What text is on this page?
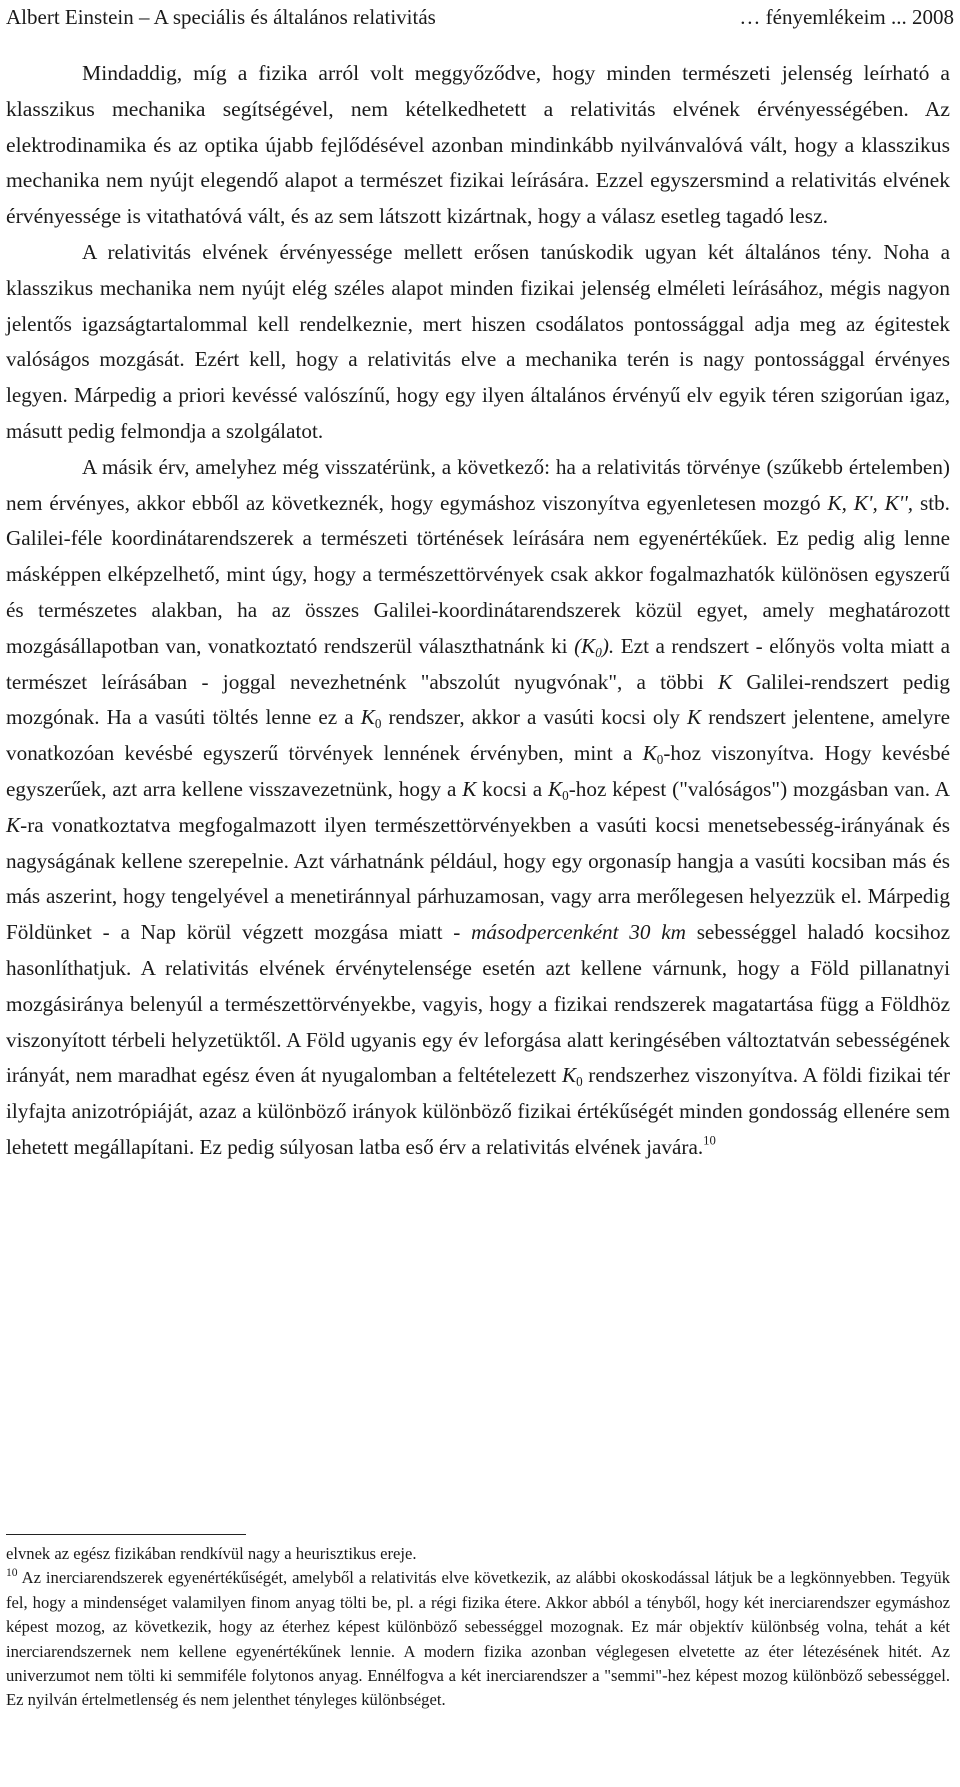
Albert Einstein – A speciális és általános relativitás	… fényemlékeim ... 2008

Mindaddig, míg a fizika arról volt meggyőződve, hogy minden természeti jelenség leírható a klasszikus mechanika segítségével, nem kételkedhetett a relativitás elvének érvényességében. Az elektrodinamika és az optika újabb fejlődésével azonban mindinkább nyilvánvalóvá vált, hogy a klasszikus mechanika nem nyújt elegendő alapot a természet fizikai leírására. Ezzel egyszersmind a relativitás elvének érvényessége is vitathatóvá vált, és az sem látszott kizártnak, hogy a válasz esetleg tagadó lesz.

A relativitás elvének érvényessége mellett erősen tanúskodik ugyan két általános tény. Noha a klasszikus mechanika nem nyújt elég széles alapot minden fizikai jelenség elméleti leírásához, mégis nagyon jelentős igazságtartalommal kell rendelkeznie, mert hiszen csodálatos pontossággal adja meg az égitestek valóságos mozgását. Ezért kell, hogy a relativitás elve a mechanika terén is nagy pontossággal érvényes legyen. Márpedig a priori kevéssé valószínű, hogy egy ilyen általános érvényű elv egyik téren szigorúan igaz, másutt pedig felmondja a szolgálatot.

A másik érv, amelyhez még visszatérünk, a következő: ha a relativitás törvénye (szűkebb értelemben) nem érvényes, akkor ebből az következnék, hogy egymáshoz viszonyítva egyenletesen mozgó K, K', K'', stb. Galilei-féle koordinátarendszerek a természeti történések leírására nem egyenértékűek. Ez pedig alig lenne másképpen elképzelhető, mint úgy, hogy a természettörvények csak akkor fogalmazhatók különösen egyszerű és természetes alakban, ha az összes Galilei-koordinátarendszerek közül egyet, amely meghatározott mozgásállapotban van, vonatkoztató rendszerül választhatnánk ki $(K_0)$. Ezt a rendszert - előnyös volta miatt a természet leírásában - joggal nevezhetnénk "abszolút nyugvónak", a többi K Galilei-rendszert pedig mozgónak. Ha a vasúti töltés lenne ez a $K_0$ rendszer, akkor a vasúti kocsi oly K rendszert jelentene, amelyre vonatkozóan kevésbé egyszerű törvények lennének érvényben, mint a $K_0$-hoz viszonyítva. Hogy kevésbé egyszerűek, azt arra kellene visszavezetnünk, hogy a K kocsi a $K_0$-hoz képest ("valóságos") mozgásban van. A K-ra vonatkoztatva megfogalmazott ilyen természettörvényekben a vasúti kocsi menetsebesség-irányának és nagyságának kellene szerepelnie. Azt várhatnánk például, hogy egy orgonasíp hangja a vasúti kocsiban más és más aszerint, hogy tengelyével a menetiránnyal párhuzamosan, vagy arra merőlegesen helyezzük el. Márpedig Földünket - a Nap körül végzett mozgása miatt - másodpercenként 30 km sebességgel haladó kocsihoz hasonlíthatjuk. A relativitás elvének érvénytelensége esetén azt kellene várnunk, hogy a Föld pillanatnyi mozgásiránya belenyúl a természettörvényekbe, vagyis, hogy a fizikai rendszerek magatartása függ a Földhöz viszonyított térbeli helyzetüktől. A Föld ugyanis egy év leforgása alatt keringésében változtatván sebességének irányát, nem maradhat egész éven át nyugalomban a feltételezett $K_0$ rendszerhez viszonyítva. A földi fizikai tér ilyfajta anizotrópiáját, azaz a különböző irányok különböző fizikai értékűségét minden gondosság ellenére sem lehetett megállapítani. Ez pedig súlyosan latba eső érv a relativitás elvének javára.$^{10}$

elvnek az egész fizikában rendkívül nagy a heurisztikus ereje.

$^{10}$ Az inerciarendszerek egyenértékűségét, amelyből a relativitás elve következik, az alábbi okoskodással látjuk be a legkönnyebben. Tegyük fel, hogy a mindenséget valamilyen finom anyag tölti be, pl. a régi fizika étere. Akkor abból a tényből, hogy két inerciarendszer egymáshoz képest mozog, az következik, hogy az éterhez képest különböző sebességgel mozognak. Ez már objektív különbség volna, tehát a két inerciarendszernek nem kellene egyenértékűnek lennie. A modern fizika azonban véglegesen elvetette az éter létezésének hitét. Az univerzumot nem tölti ki semmiféle folytonos anyag. Ennélfogva a két inerciarendszer a "semmi"-hez képest mozog különböző sebességgel. Ez nyilván értelmetlenség és nem jelenthet tényleges különbséget.
